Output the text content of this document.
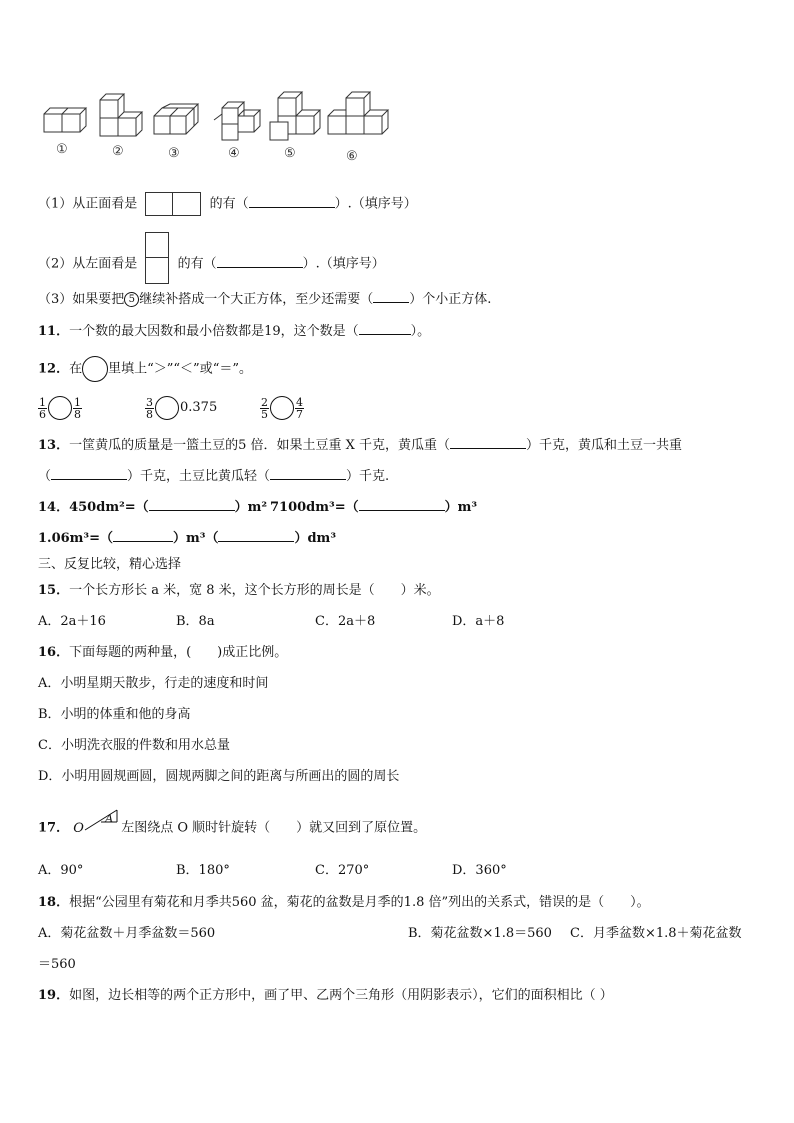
①	②	③	④	⑤	⑥
（1）从正面看是	的有（	）.（填序号）
（2）从左面看是	的有（	）.（填序号）
（3）如果要把 5 继续补搭成一个大正方体，至少还需要（	）个小正方体.
11．一个数的最大因数和最小倍数都是19，这个数是（	）。
12．在 里填上“＞”“＜”或“＝”。
$\frac{1}{6} \frac{1}{8}$	$\frac{3}{8} 0.375$	$\frac{2}{5} \frac{4}{7}$
13．一筐黄瓜的质量是一篮土豆的5 倍．如果土豆重 X 千克，黄瓜重（	）千克，黄瓜和土豆一共重
（	）千克，土豆比黄瓜轻（	）千克.
14．450dm²=（	）m² 7100dm³=（	）m³
1.06m³=（	）m³（	）dm³
三、反复比较，精心选择
15．一个长方形长 a 米，宽 8 米，这个长方形的周长是（　　）米。
A．2a＋16	B．8a	C．2a＋8	D．a＋8
16．下面每题的两种量，(　　)成正比例。
A．小明星期天散步，行走的速度和时间
B．小明的体重和他的身高
C．小明洗衣服的件数和用水总量
D．小明用圆规画圆，圆规两脚之间的距离与所画出的圆的周长
17． O
A
左图绕点 O 顺时针旋转（　　）就又回到了原位置。
A．90°	B．180°	C．270°	D．360°
18．根据“公园里有菊花和月季共560 盆，菊花的盆数是月季的1.8 倍”列出的关系式，错误的是（　　）。
A．菊花盆数＋月季盆数＝560	B．菊花盆数×1.8＝560 C．月季盆数×1.8＋菊花盆数
＝560
19．如图，边长相等的两个正方形中，画了甲、乙两个三角形（用阴影表示），它们的面积相比（ ）
